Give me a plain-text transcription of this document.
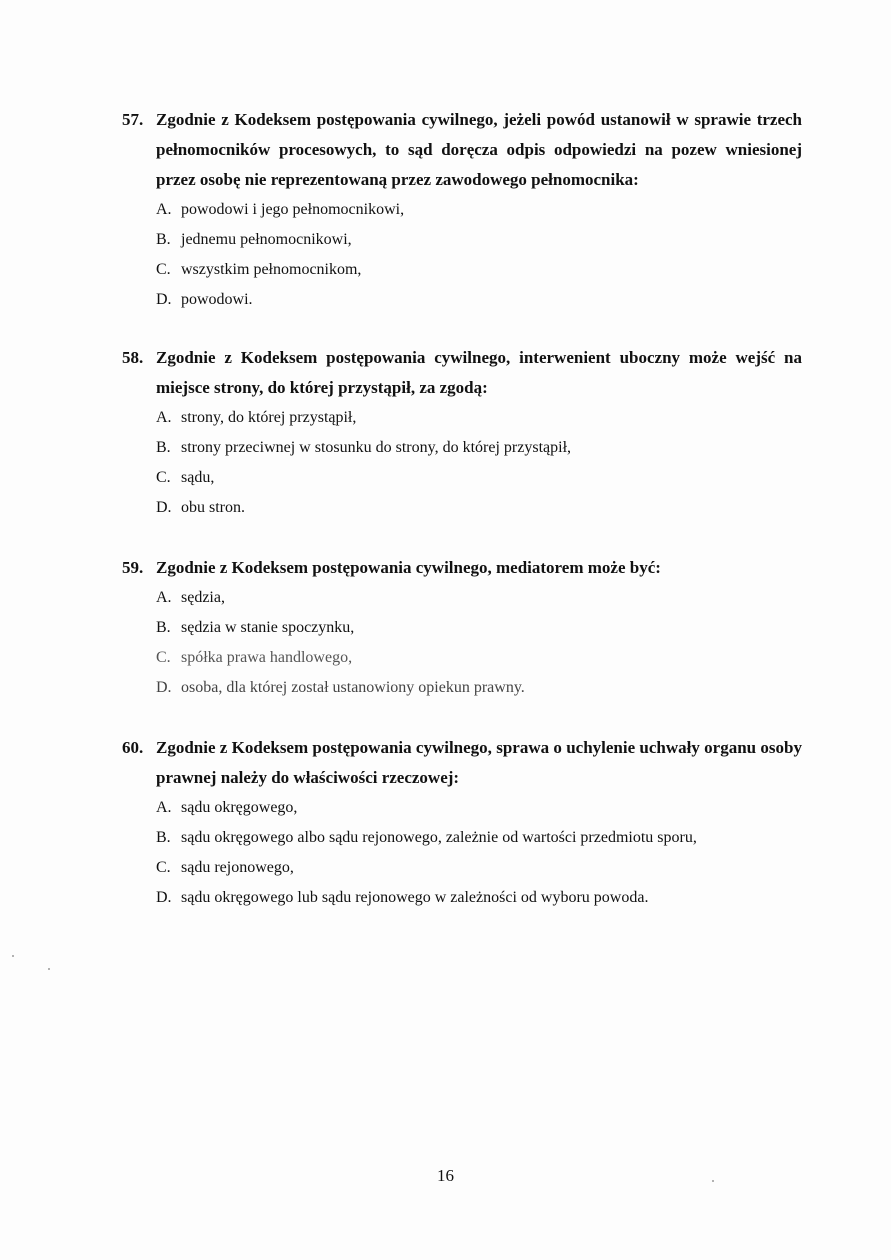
57. Zgodnie z Kodeksem postępowania cywilnego, jeżeli powód ustanowił w sprawie trzech pełnomocników procesowych, to sąd doręcza odpis odpowiedzi na pozew wniesionej przez osobę nie reprezentowaną przez zawodowego pełnomocnika:
A. powodowi i jego pełnomocnikowi,
B. jednemu pełnomocnikowi,
C. wszystkim pełnomocnikom,
D. powodowi.
58. Zgodnie z Kodeksem postępowania cywilnego, interwenient uboczny może wejść na miejsce strony, do której przystąpił, za zgodą:
A. strony, do której przystąpił,
B. strony przeciwnej w stosunku do strony, do której przystąpił,
C. sądu,
D. obu stron.
59. Zgodnie z Kodeksem postępowania cywilnego, mediatorem może być:
A. sędzia,
B. sędzia w stanie spoczynku,
C. spółka prawa handlowego,
D. osoba, dla której został ustanowiony opiekun prawny.
60. Zgodnie z Kodeksem postępowania cywilnego, sprawa o uchylenie uchwały organu osoby prawnej należy do właściwości rzeczowej:
A. sądu okręgowego,
B. sądu okręgowego albo sądu rejonowego, zależnie od wartości przedmiotu sporu,
C. sądu rejonowego,
D. sądu okręgowego lub sądu rejonowego w zależności od wyboru powoda.
16
